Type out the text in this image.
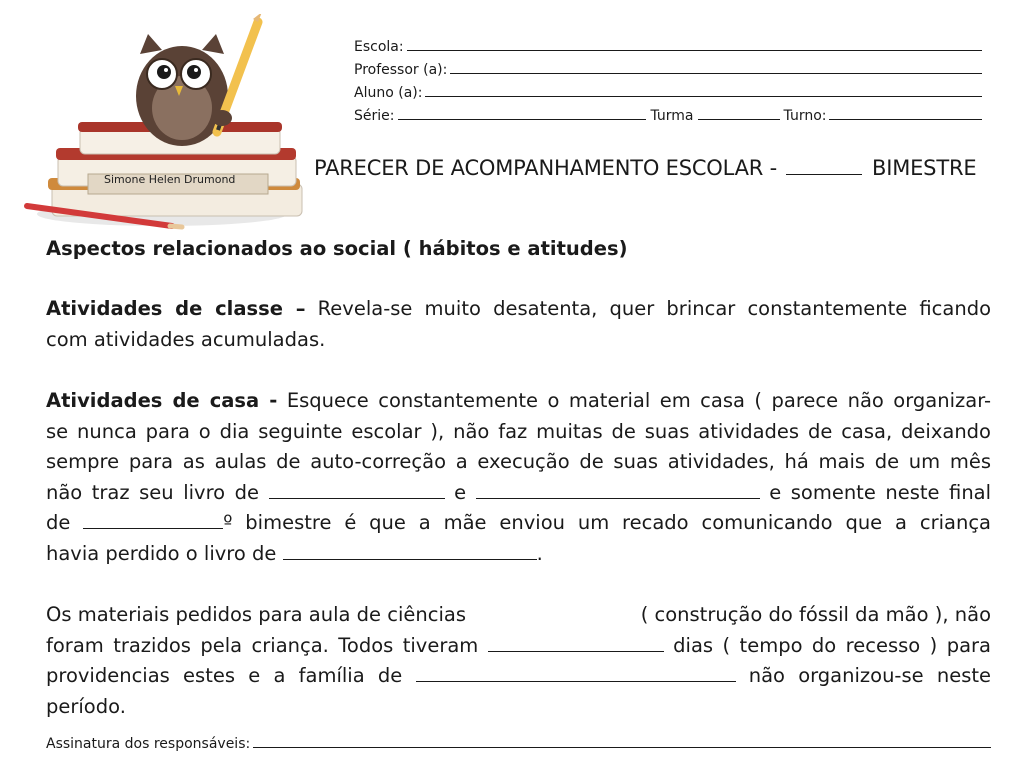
Simone Helen Drumond
Escola:
Professor (a):
Aluno (a):
Série:	Turma	Turno:
PARECER DE ACOMPANHAMENTO ESCOLAR -	BIMESTRE
Aspectos relacionados ao social ( hábitos e atitudes)
Atividades de classe – Revela-se muito desatenta, quer brincar constantemente ficando
com atividades acumuladas.
Atividades de casa - Esquece constantemente o material em casa ( parece não organizar-
se nunca para o dia seguinte escolar ), não faz muitas de suas atividades de casa, deixando
sempre para as aulas de auto-correção a execução de suas atividades, há mais de um mês
não traz seu livro de	e	e somente neste final
de	º bimestre é que a mãe enviou um recado comunicando que a criança
havia perdido o livro de	.
Os materiais pedidos para aula de ciências	( construção do fóssil da mão ), não
foram trazidos pela criança. Todos tiveram	dias ( tempo do recesso ) para
providencias estes e a família de	não organizou-se neste
período.
Assinatura dos responsáveis:
